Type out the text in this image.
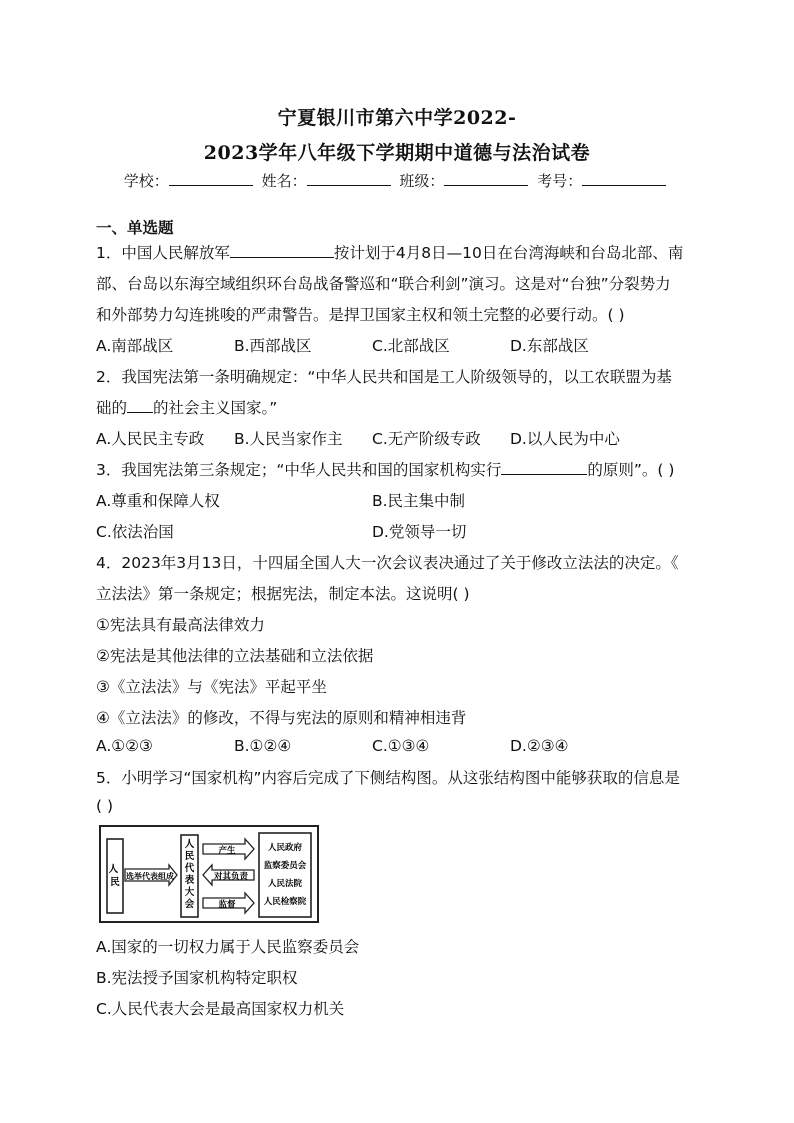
宁夏银川市第六中学2022-
2023学年八年级下学期期中道德与法治试卷
学校：	姓名：	班级：	考号：
一、单选题
1．中国人民解放军	按计划于4月8日—10日在台湾海峡和台岛北部、南
部、台岛以东海空域组织环台岛战备警巡和“联合利剑”演习。这是对“台独”分裂势力
和外部势力勾连挑唆的严肃警告。是捍卫国家主权和领土完整的必要行动。( )
A.南部战区	B.西部战区	C.北部战区	D.东部战区
2．我国宪法第一条明确规定：“中华人民共和国是工人阶级领导的，以工农联盟为基
础的 的社会主义国家。”
A.人民民主专政 B.人民当家作主 C.无产阶级专政 D.以人民为中心
3．我国宪法第三条规定；“中华人民共和国的国家机构实行	的原则”。( )
A.尊重和保障人权	B.民主集中制
C.依法治国	D.党领导一切
4．2023年3月13日，十四届全国人大一次会议表决通过了关于修改立法法的决定。《
立法法》第一条规定；根据宪法，制定本法。这说明( )
①宪法具有最高法律效力
②宪法是其他法律的立法基础和立法依据
③《立法法》与《宪法》平起平坐
④《立法法》的修改，不得与宪法的原则和精神相违背
A.①②③	B.①②④	C.①③④	D.②③④
5．小明学习“国家机构”内容后完成了下侧结构图。从这张结构图中能够获取的信息是
( )
人 民
选举代表组成
人民代表大会
产生
对其负责
监督
人民政府
监察委员会
人民法院
人民检察院
A.国家的一切权力属于人民监察委员会
B.宪法授予国家机构特定职权
C.人民代表大会是最高国家权力机关
